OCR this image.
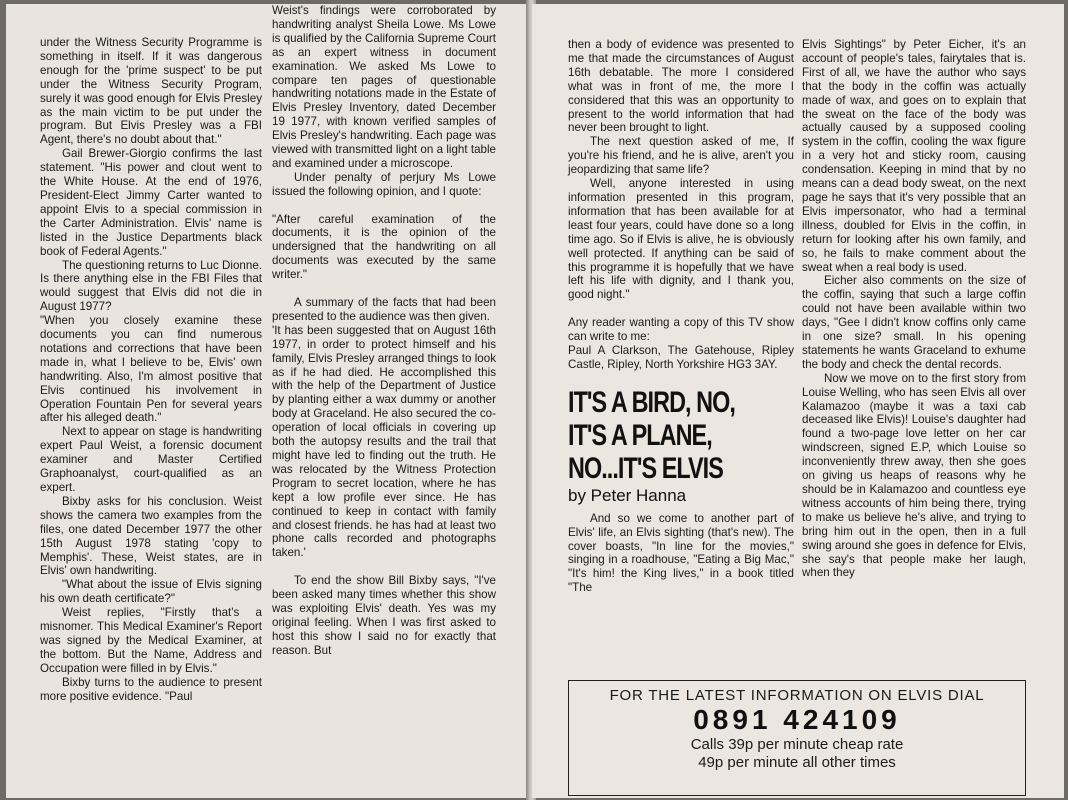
under the Witness Security Programme is something in itself. If it was dangerous enough for the 'prime suspect' to be put under the Witness Security Program, surely it was good enough for Elvis Presley as the main victim to be put under the program. But Elvis Presley was a FBI Agent, there's no doubt about that."

Gail Brewer-Giorgio confirms the last statement. "His power and clout went to the White House. At the end of 1976, President-Elect Jimmy Carter wanted to appoint Elvis to a special commission in the Carter Administration. Elvis' name is listed in the Justice Departments black book of Federal Agents."

The questioning returns to Luc Dionne. Is there anything else in the FBI Files that would suggest that Elvis did not die in August 1977?

"When you closely examine these documents you can find numerous notations and corrections that have been made in, what I believe to be, Elvis' own handwriting. Also, I'm almost positive that Elvis continued his involvement in Operation Fountain Pen for several years after his alleged death."

Next to appear on stage is handwriting expert Paul Weist, a forensic document examiner and Master Certified Graphoanalyst, court-qualified as an expert.

Bixby asks for his conclusion. Weist shows the camera two examples from the files, one dated December 1977 the other 15th August 1978 stating 'copy to Memphis'. These, Weist states, are in Elvis' own handwriting.

"What about the issue of Elvis signing his own death certificate?"

Weist replies, "Firstly that's a misnomer. This Medical Examiner's Report was signed by the Medical Examiner, at the bottom. But the Name, Address and Occupation were filled in by Elvis."

Bixby turns to the audience to present more positive evidence. "Paul

Weist's findings were corroborated by handwriting analyst Sheila Lowe. Ms Lowe is qualified by the California Supreme Court as an expert witness in document examination. We asked Ms Lowe to compare ten pages of questionable handwriting notations made in the Estate of Elvis Presley Inventory, dated December 19 1977, with known verified samples of Elvis Presley's handwriting. Each page was viewed with transmitted light on a light table and examined under a microscope.

Under penalty of perjury Ms Lowe issued the following opinion, and I quote:

"After careful examination of the documents, it is the opinion of the undersigned that the handwriting on all documents was executed by the same writer."

A summary of the facts that had been presented to the audience was then given.

'It has been suggested that on August 16th 1977, in order to protect himself and his family, Elvis Presley arranged things to look as if he had died. He accomplished this with the help of the Department of Justice by planting either a wax dummy or another body at Graceland. He also secured the co-operation of local officials in covering up both the autopsy results and the trail that might have led to finding out the truth. He was relocated by the Witness Protection Program to secret location, where he has kept a low profile ever since. He has continued to keep in contact with family and closest friends. he has had at least two phone calls recorded and photographs taken.'

To end the show Bill Bixby says, "I've been asked many times whether this show was exploiting Elvis' death. Yes was my original feeling. When I was first asked to host this show I said no for exactly that reason. But

then a body of evidence was presented to me that made the circumstances of August 16th debatable. The more I considered what was in front of me, the more I considered that this was an opportunity to present to the world information that had never been brought to light.

The next question asked of me, If you're his friend, and he is alive, aren't you jeopardizing that same life?

Well, anyone interested in using information presented in this program, information that has been available for at least four years, could have done so a long time ago. So if Elvis is alive, he is obviously well protected. If anything can be said of this programme it is hopefully that we have left his life with dignity, and I thank you, good night."

Any reader wanting a copy of this TV show can write to me:

Paul A Clarkson, The Gatehouse, Ripley Castle, Ripley, North Yorkshire HG3 3AY.

IT'S A BIRD, NO,
IT'S A PLANE,
NO...IT'S ELVIS
by Peter Hanna

And so we come to another part of Elvis' life, an Elvis sighting (that's new). The cover boasts, "In line for the movies," singing in a roadhouse, "Eating a Big Mac," "It's him! the King lives," in a book titled "The

Elvis Sightings" by Peter Eicher, it's an account of people's tales, fairytales that is. First of all, we have the author who says that the body in the coffin was actually made of wax, and goes on to explain that the sweat on the face of the body was actually caused by a supposed cooling system in the coffin, cooling the wax figure in a very hot and sticky room, causing condensation. Keeping in mind that by no means can a dead body sweat, on the next page he says that it's very possible that an Elvis impersonator, who had a terminal illness, doubled for Elvis in the coffin, in return for looking after his own family, and so, he fails to make comment about the sweat when a real body is used.

Eicher also comments on the size of the coffin, saying that such a large coffin could not have been available within two days, "Gee I didn't know coffins only came in one size? small. In his opening statements he wants Graceland to exhume the body and check the dental records.

Now we move on to the first story from Louise Welling, who has seen Elvis all over Kalamazoo (maybe it was a taxi cab deceased like Elvis)! Louise's daughter had found a two-page love letter on her car windscreen, signed E.P, which Louise so inconveniently threw away, then she goes on giving us heaps of reasons why he should be in Kalamazoo and countless eye witness accounts of him being there, trying to make us believe he's alive, and trying to bring him out in the open, then in a full swing around she goes in defence for Elvis, she say's that people make her laugh, when they

FOR THE LATEST INFORMATION ON ELVIS DIAL
0891 424109
Calls 39p per minute cheap rate
49p per minute all other times
